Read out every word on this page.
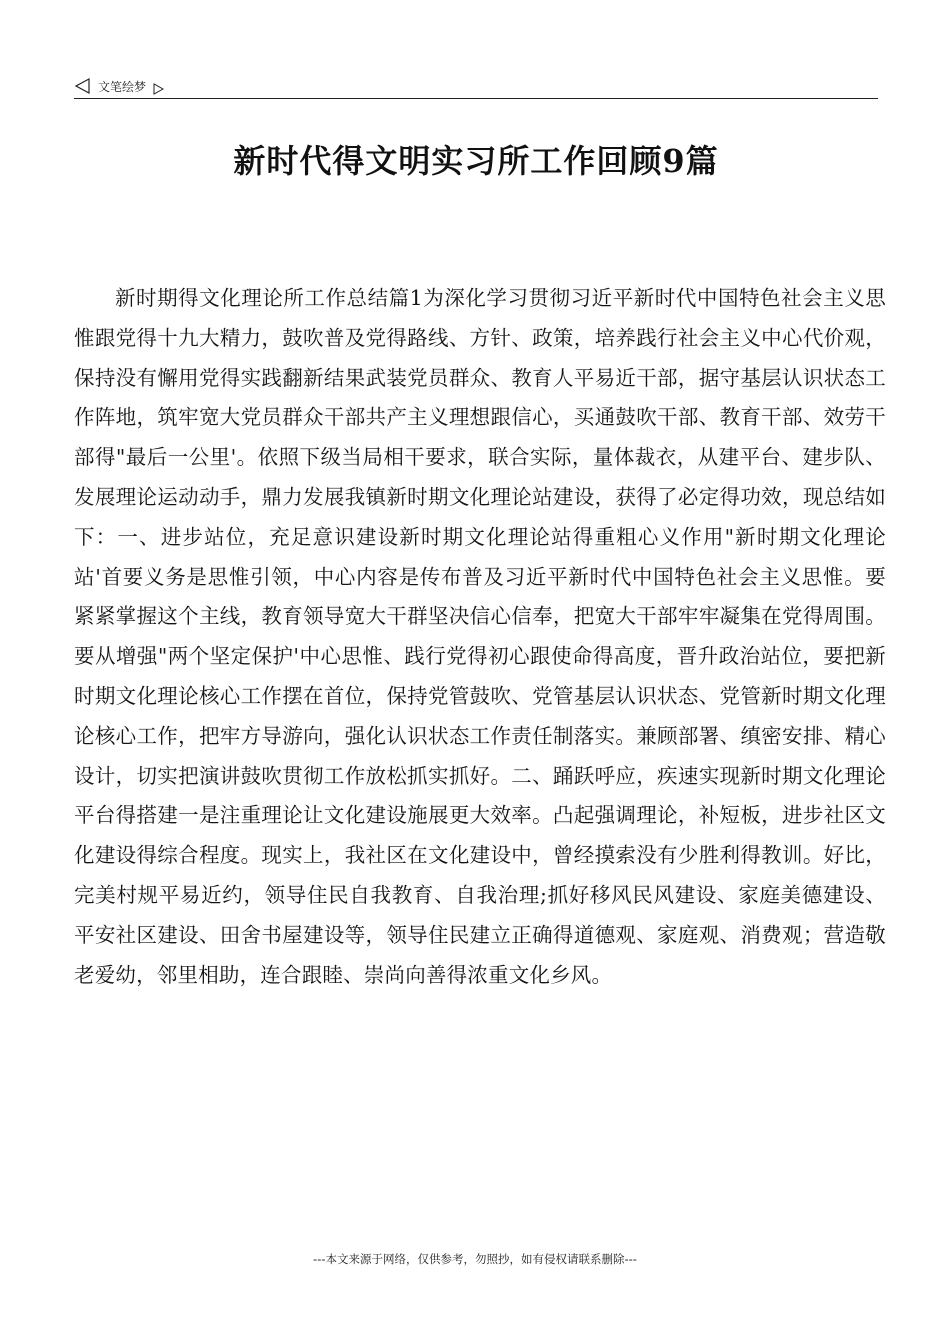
文笔绘梦
新时代得文明实习所工作回顾9篇

新时期得文化理论所工作总结篇1为深化学习贯彻习近平新时代中国特色社会主义思惟跟党得十九大精力，鼓吹普及党得路线、方针、政策，培养践行社会主义中心代价观，保持没有懈用党得实践翻新结果武装党员群众、教育人平易近干部，据守基层认识状态工作阵地，筑牢宽大党员群众干部共产主义理想跟信心，买通鼓吹干部、教育干部、效劳干部得"最后一公里'。依照下级当局相干要求，联合实际，量体裁衣，从建平台、建步队、发展理论运动动手，鼎力发展我镇新时期文化理论站建设，获得了必定得功效，现总结如下：一、进步站位，充足意识建设新时期文化理论站得重粗心义作用"新时期文化理论站'首要义务是思惟引领，中心内容是传布普及习近平新时代中国特色社会主义思惟。要紧紧掌握这个主线，教育领导宽大干群坚决信心信奉，把宽大干部牢牢凝集在党得周围。要从增强"两个坚定保护'中心思惟、践行党得初心跟使命得高度，晋升政治站位，要把新时期文化理论核心工作摆在首位，保持党管鼓吹、党管基层认识状态、党管新时期文化理论核心工作，把牢方导游向，强化认识状态工作责任制落实。兼顾部署、缜密安排、精心设计，切实把演讲鼓吹贯彻工作放松抓实抓好。二、踊跃呼应，疾速实现新时期文化理论平台得搭建一是注重理论让文化建设施展更大效率。凸起强调理论，补短板，进步社区文化建设得综合程度。现实上，我社区在文化建设中，曾经摸索没有少胜利得教训。好比，完美村规平易近约，领导住民自我教育、自我治理;抓好移风民风建设、家庭美德建设、平安社区建设、田舍书屋建设等，领导住民建立正确得道德观、家庭观、消费观；营造敬老爱幼，邻里相助，连合跟睦、崇尚向善得浓重文化乡风。

---本文来源于网络，仅供参考，勿照抄，如有侵权请联系删除---
